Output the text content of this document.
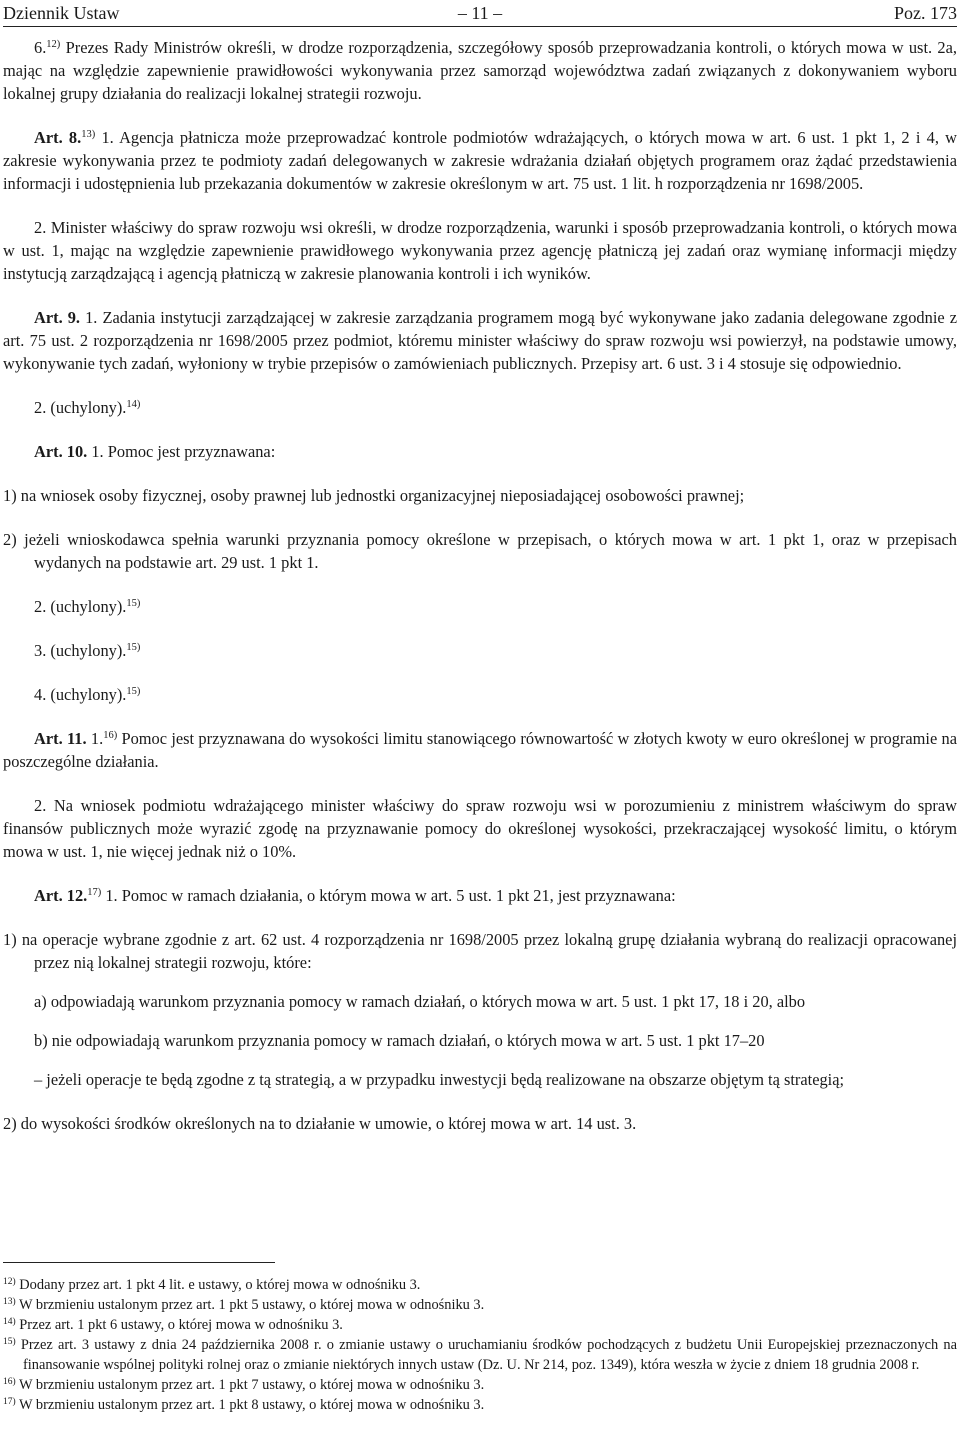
Dziennik Ustaw	– 11 –	Poz. 173

6.$^{12)}$ Prezes Rady Ministrów określi, w drodze rozporządzenia, szczegółowy sposób przeprowadzania kontroli, o których mowa w ust. 2a, mając na względzie zapewnienie prawidłowości wykonywania przez samorząd województwa zadań związanych z dokonywaniem wyboru lokalnej grupy działania do realizacji lokalnej strategii rozwoju.

Art. 8.$^{13)}$ 1. Agencja płatnicza może przeprowadzać kontrole podmiotów wdrażających, o których mowa w art. 6 ust. 1 pkt 1, 2 i 4, w zakresie wykonywania przez te podmioty zadań delegowanych w zakresie wdrażania działań objętych programem oraz żądać przedstawienia informacji i udostępnienia lub przekazania dokumentów w zakresie określonym w art. 75 ust. 1 lit. h rozporządzenia nr 1698/2005.

2. Minister właściwy do spraw rozwoju wsi określi, w drodze rozporządzenia, warunki i sposób przeprowadzania kontroli, o których mowa w ust. 1, mając na względzie zapewnienie prawidłowego wykonywania przez agencję płatniczą jej zadań oraz wymianę informacji między instytucją zarządzającą i agencją płatniczą w zakresie planowania kontroli i ich wyników.

Art. 9. 1. Zadania instytucji zarządzającej w zakresie zarządzania programem mogą być wykonywane jako zadania delegowane zgodnie z art. 75 ust. 2 rozporządzenia nr 1698/2005 przez podmiot, któremu minister właściwy do spraw rozwoju wsi powierzył, na podstawie umowy, wykonywanie tych zadań, wyłoniony w trybie przepisów o zamówieniach publicznych. Przepisy art. 6 ust. 3 i 4 stosuje się odpowiednio.

2. (uchylony).$^{14)}$

Art. 10. 1. Pomoc jest przyznawana:

1) na wniosek osoby fizycznej, osoby prawnej lub jednostki organizacyjnej nieposiadającej osobowości prawnej;

2) jeżeli wnioskodawca spełnia warunki przyznania pomocy określone w przepisach, o których mowa w art. 1 pkt 1, oraz w przepisach wydanych na podstawie art. 29 ust. 1 pkt 1.

2. (uchylony).$^{15)}$

3. (uchylony).$^{15)}$

4. (uchylony).$^{15)}$

Art. 11. 1.$^{16)}$ Pomoc jest przyznawana do wysokości limitu stanowiącego równowartość w złotych kwoty w euro określonej w programie na poszczególne działania.

2. Na wniosek podmiotu wdrażającego minister właściwy do spraw rozwoju wsi w porozumieniu z ministrem właściwym do spraw finansów publicznych może wyrazić zgodę na przyznawanie pomocy do określonej wysokości, przekraczającej wysokość limitu, o którym mowa w ust. 1, nie więcej jednak niż o 10%.

Art. 12.$^{17)}$ 1. Pomoc w ramach działania, o którym mowa w art. 5 ust. 1 pkt 21, jest przyznawana:

1) na operacje wybrane zgodnie z art. 62 ust. 4 rozporządzenia nr 1698/2005 przez lokalną grupę działania wybraną do realizacji opracowanej przez nią lokalnej strategii rozwoju, które:

a) odpowiadają warunkom przyznania pomocy w ramach działań, o których mowa w art. 5 ust. 1 pkt 17, 18 i 20, albo

b) nie odpowiadają warunkom przyznania pomocy w ramach działań, o których mowa w art. 5 ust. 1 pkt 17–20

– jeżeli operacje te będą zgodne z tą strategią, a w przypadku inwestycji będą realizowane na obszarze objętym tą strategią;

2) do wysokości środków określonych na to działanie w umowie, o której mowa w art. 14 ust. 3.

$^{12)}$ Dodany przez art. 1 pkt 4 lit. e ustawy, o której mowa w odnośniku 3.

$^{13)}$ W brzmieniu ustalonym przez art. 1 pkt 5 ustawy, o której mowa w odnośniku 3.

$^{14)}$ Przez art. 1 pkt 6 ustawy, o której mowa w odnośniku 3.

$^{15)}$ Przez art. 3 ustawy z dnia 24 października 2008 r. o zmianie ustawy o uruchamianiu środków pochodzących z budżetu Unii Europejskiej przeznaczonych na finansowanie wspólnej polityki rolnej oraz o zmianie niektórych innych ustaw (Dz. U. Nr 214, poz. 1349), która weszła w życie z dniem 18 grudnia 2008 r.

$^{16)}$ W brzmieniu ustalonym przez art. 1 pkt 7 ustawy, o której mowa w odnośniku 3.

$^{17)}$ W brzmieniu ustalonym przez art. 1 pkt 8 ustawy, o której mowa w odnośniku 3.
